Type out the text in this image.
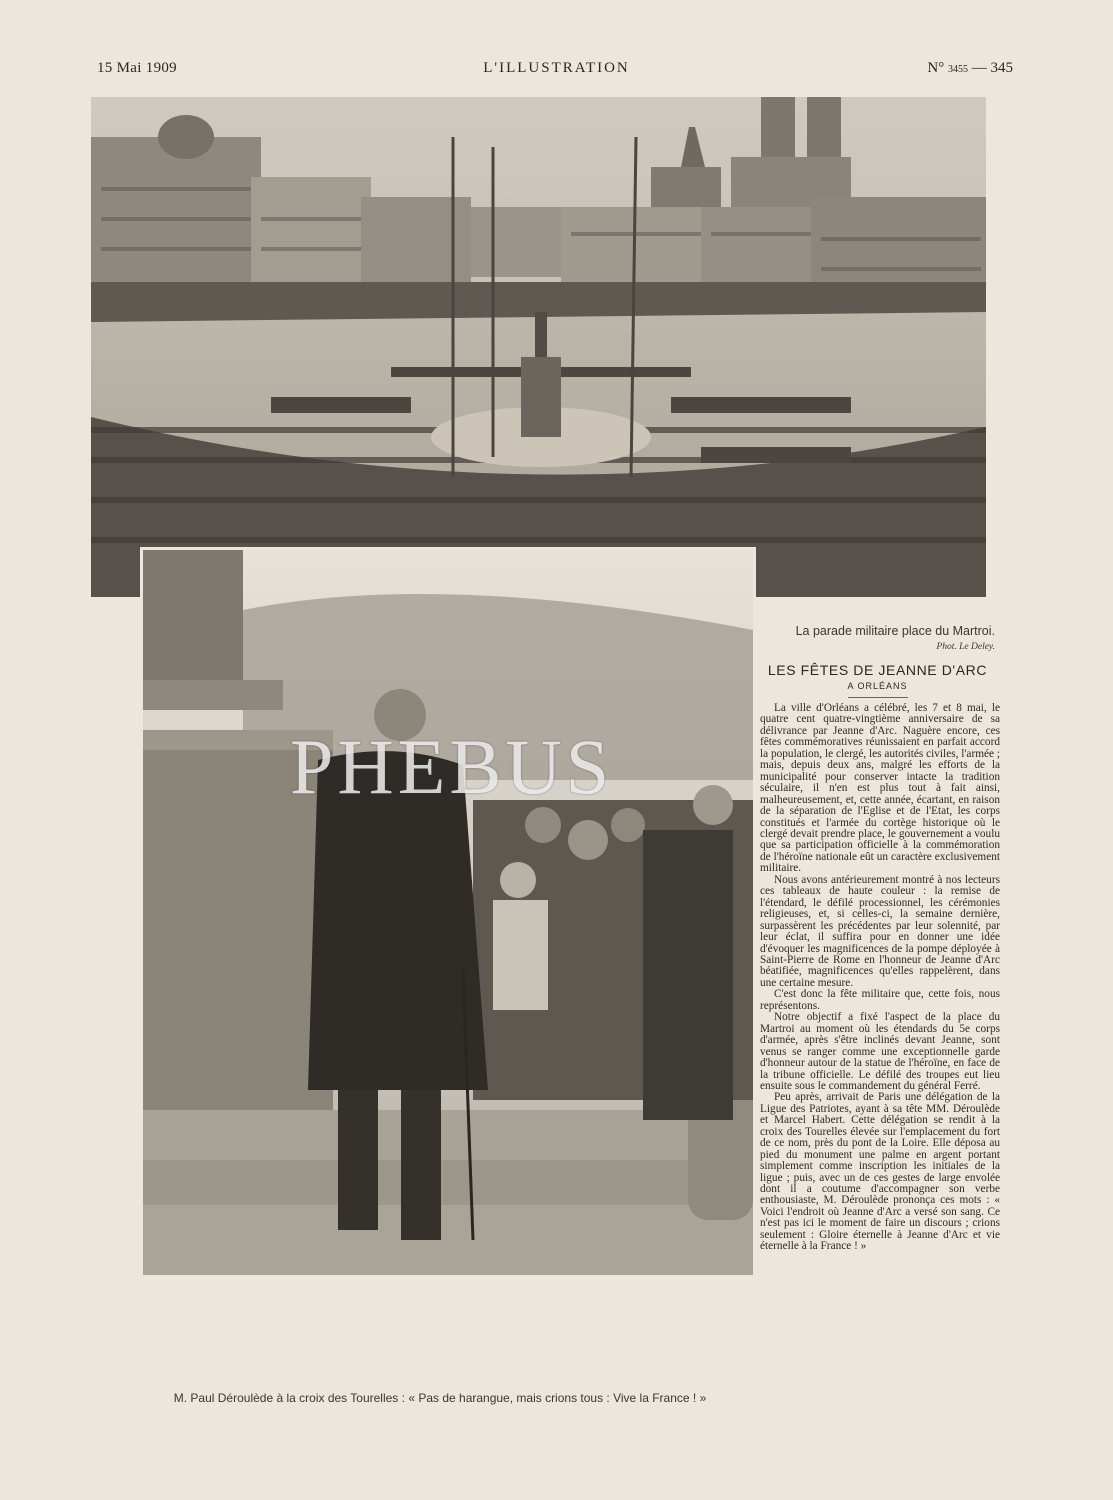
15 Mai 1909	L'ILLUSTRATION	N° 3455 — 345
PHEBUS
La parade militaire place du Martroi.
Phot. Le Deley.
M. Paul Déroulède à la croix des Tourelles : « Pas de harangue, mais crions tous : Vive la France ! »
LES FÊTES DE JEANNE D'ARC
A ORLÉANS

La ville d'Orléans a célébré, les 7 et 8 mai, le quatre cent quatre-vingtième anniversaire de sa délivrance par Jeanne d'Arc. Naguère encore, ces fêtes commémoratives réunissaient en parfait accord la population, le clergé, les autorités civiles, l'armée ; mais, depuis deux ans, malgré les efforts de la municipalité pour conserver intacte la tradition séculaire, il n'en est plus tout à fait ainsi, malheureusement, et, cette année, écartant, en raison de la séparation de l'Eglise et de l'Etat, les corps constitués et l'armée du cortège historique où le clergé devait prendre place, le gouvernement a voulu que sa participation officielle à la commémoration de l'héroïne nationale eût un caractère exclusivement militaire.

Nous avons antérieurement montré à nos lecteurs ces tableaux de haute couleur : la remise de l'étendard, le défilé processionnel, les cérémonies religieuses, et, si celles-ci, la semaine dernière, surpassèrent les précédentes par leur solennité, par leur éclat, il suffira pour en donner une idée d'évoquer les magnificences de la pompe déployée à Saint-Pierre de Rome en l'honneur de Jeanne d'Arc béatifiée, magnificences qu'elles rappelèrent, dans une certaine mesure.

C'est donc la fête militaire que, cette fois, nous représentons.

Notre objectif a fixé l'aspect de la place du Martroi au moment où les étendards du 5e corps d'armée, après s'être inclinés devant Jeanne, sont venus se ranger comme une exceptionnelle garde d'honneur autour de la statue de l'héroïne, en face de la tribune officielle. Le défilé des troupes eut lieu ensuite sous le commandement du général Ferré.

Peu après, arrivait de Paris une délégation de la Ligue des Patriotes, ayant à sa tête MM. Déroulède et Marcel Habert. Cette délégation se rendit à la croix des Tourelles élevée sur l'emplacement du fort de ce nom, près du pont de la Loire. Elle déposa au pied du monument une palme en argent portant simplement comme inscription les initiales de la ligue ; puis, avec un de ces gestes de large envolée dont il a coutume d'accompagner son verbe enthousiaste, M. Déroulède prononça ces mots : « Voici l'endroit où Jeanne d'Arc a versé son sang. Ce n'est pas ici le moment de faire un discours ; crions seulement : Gloire éternelle à Jeanne d'Arc et vie éternelle à la France ! »
